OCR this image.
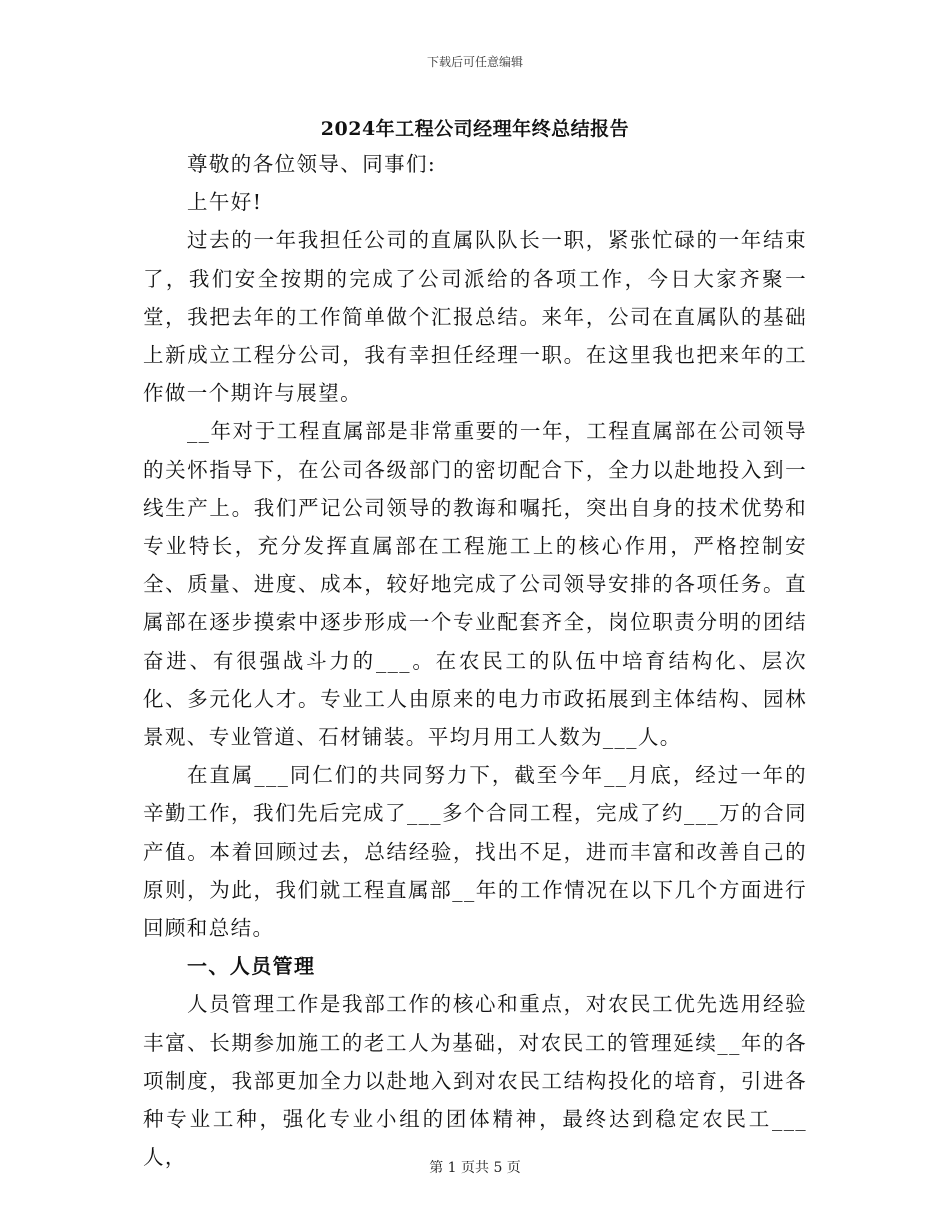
下载后可任意编辑
2024年工程公司经理年终总结报告

尊敬的各位领导、同事们:

上午好!

过去的一年我担任公司的直属队队长一职，紧张忙碌的一年结束了，我们安全按期的完成了公司派给的各项工作，今日大家齐聚一堂，我把去年的工作简单做个汇报总结。来年，公司在直属队的基础上新成立工程分公司，我有幸担任经理一职。在这里我也把来年的工作做一个期许与展望。

__年对于工程直属部是非常重要的一年，工程直属部在公司领导的关怀指导下，在公司各级部门的密切配合下，全力以赴地投入到一线生产上。我们严记公司领导的教诲和嘱托，突出自身的技术优势和专业特长，充分发挥直属部在工程施工上的核心作用，严格控制安全、质量、进度、成本，较好地完成了公司领导安排的各项任务。直属部在逐步摸索中逐步形成一个专业配套齐全，岗位职责分明的团结奋进、有很强战斗力的___。在农民工的队伍中培育结构化、层次化、多元化人才。专业工人由原来的电力市政拓展到主体结构、园林景观、专业管道、石材铺装。平均月用工人数为___人。

在直属___同仁们的共同努力下，截至今年__月底，经过一年的辛勤工作，我们先后完成了___多个合同工程，完成了约___万的合同产值。本着回顾过去，总结经验，找出不足，进而丰富和改善自己的原则，为此，我们就工程直属部__年的工作情况在以下几个方面进行回顾和总结。

一、人员管理

人员管理工作是我部工作的核心和重点，对农民工优先选用经验丰富、长期参加施工的老工人为基础，对农民工的管理延续__年的各项制度，我部更加全力以赴地入到对农民工结构投化的培育，引进各种专业工种，强化专业小组的团体精神，最终达到稳定农民工___人，	第 1 页共 5 页
